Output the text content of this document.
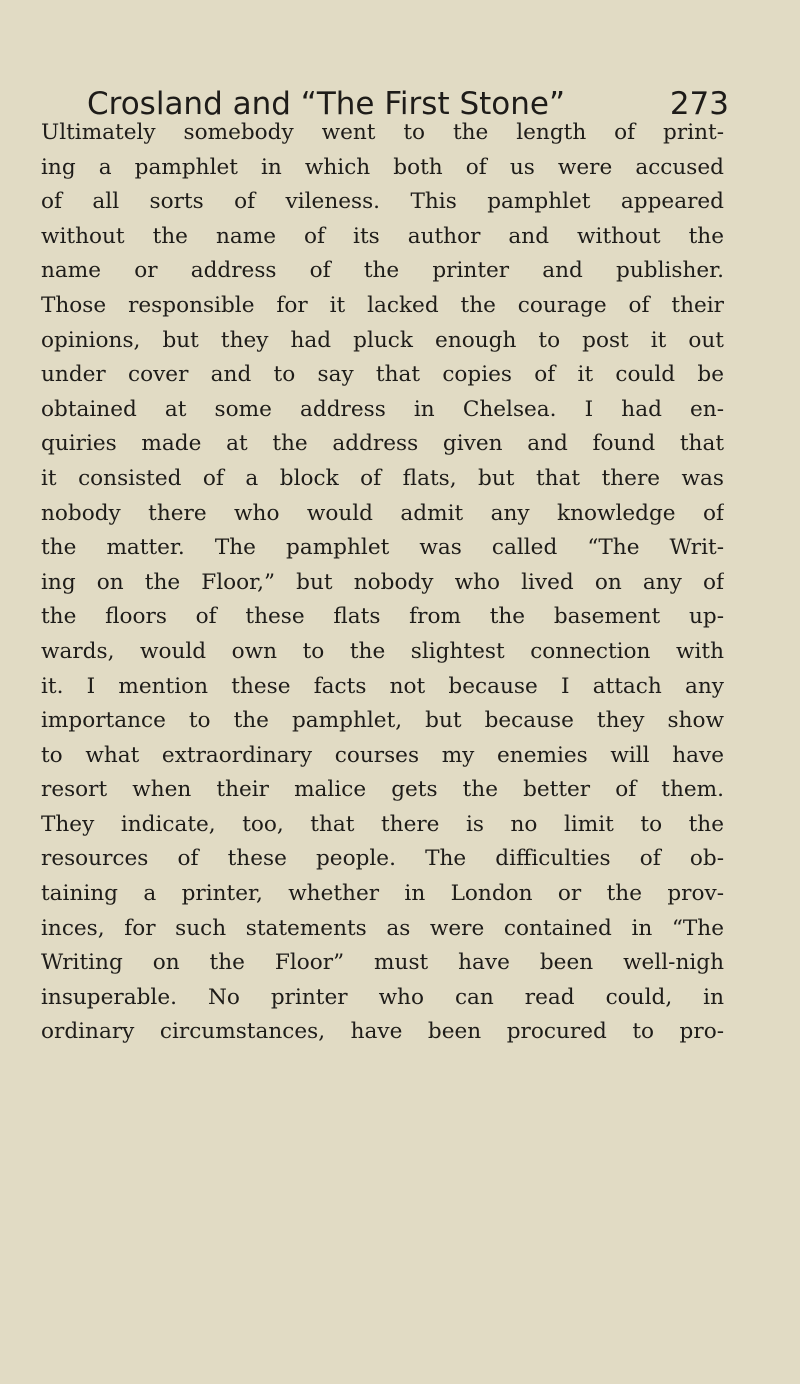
Crosland and “The First Stone”	273
Ultimately somebody went to the length of print-
ing a pamphlet in which both of us were accused
of all sorts of vileness. This pamphlet appeared
without the name of its author and without the
name or address of the printer and publisher.
Those responsible for it lacked the courage of their
opinions, but they had pluck enough to post it out
under cover and to say that copies of it could be
obtained at some address in Chelsea. I had en-
quiries made at the address given and found that
it consisted of a block of flats, but that there was
nobody there who would admit any knowledge of
the matter. The pamphlet was called “The Writ-
ing on the Floor,” but nobody who lived on any of
the floors of these flats from the basement up-
wards, would own to the slightest connection with
it. I mention these facts not because I attach any
importance to the pamphlet, but because they show
to what extraordinary courses my enemies will have
resort when their malice gets the better of them.
They indicate, too, that there is no limit to the
resources of these people. The difficulties of ob-
taining a printer, whether in London or the prov-
inces, for such statements as were contained in “The
Writing on the Floor” must have been well-nigh
insuperable. No printer who can read could, in
ordinary circumstances, have been procured to pro-
